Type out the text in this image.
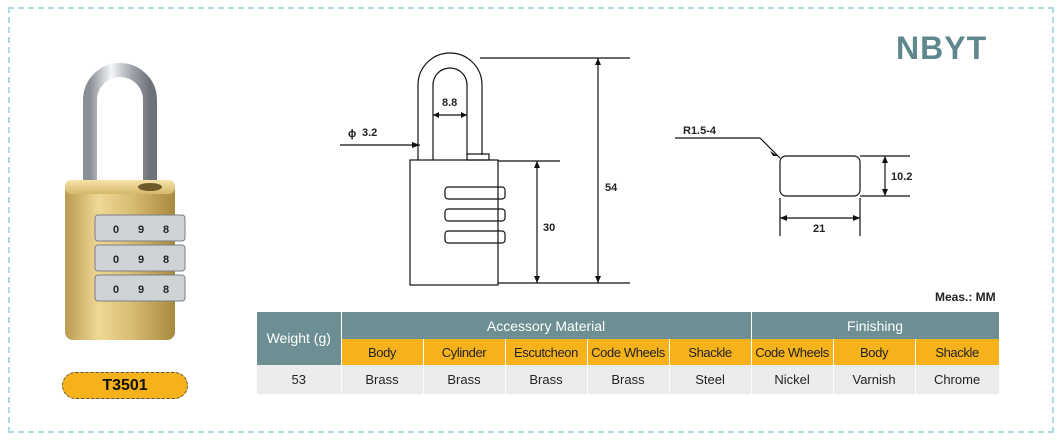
NBYT
0 9 8
0 9 8
0 9 8
T3501
ϕ 3.2
8.8
30
54
R1.5-4
10.2
21
Meas.: MM
Weight (g)	Accessory Material					Finishing		
	Body	Cylinder	Escutcheon	Code Wheels	Shackle	Code Wheels	Body	Shackle
53	Brass	Brass	Brass	Brass	Steel	Nickel	Varnish	Chrome
